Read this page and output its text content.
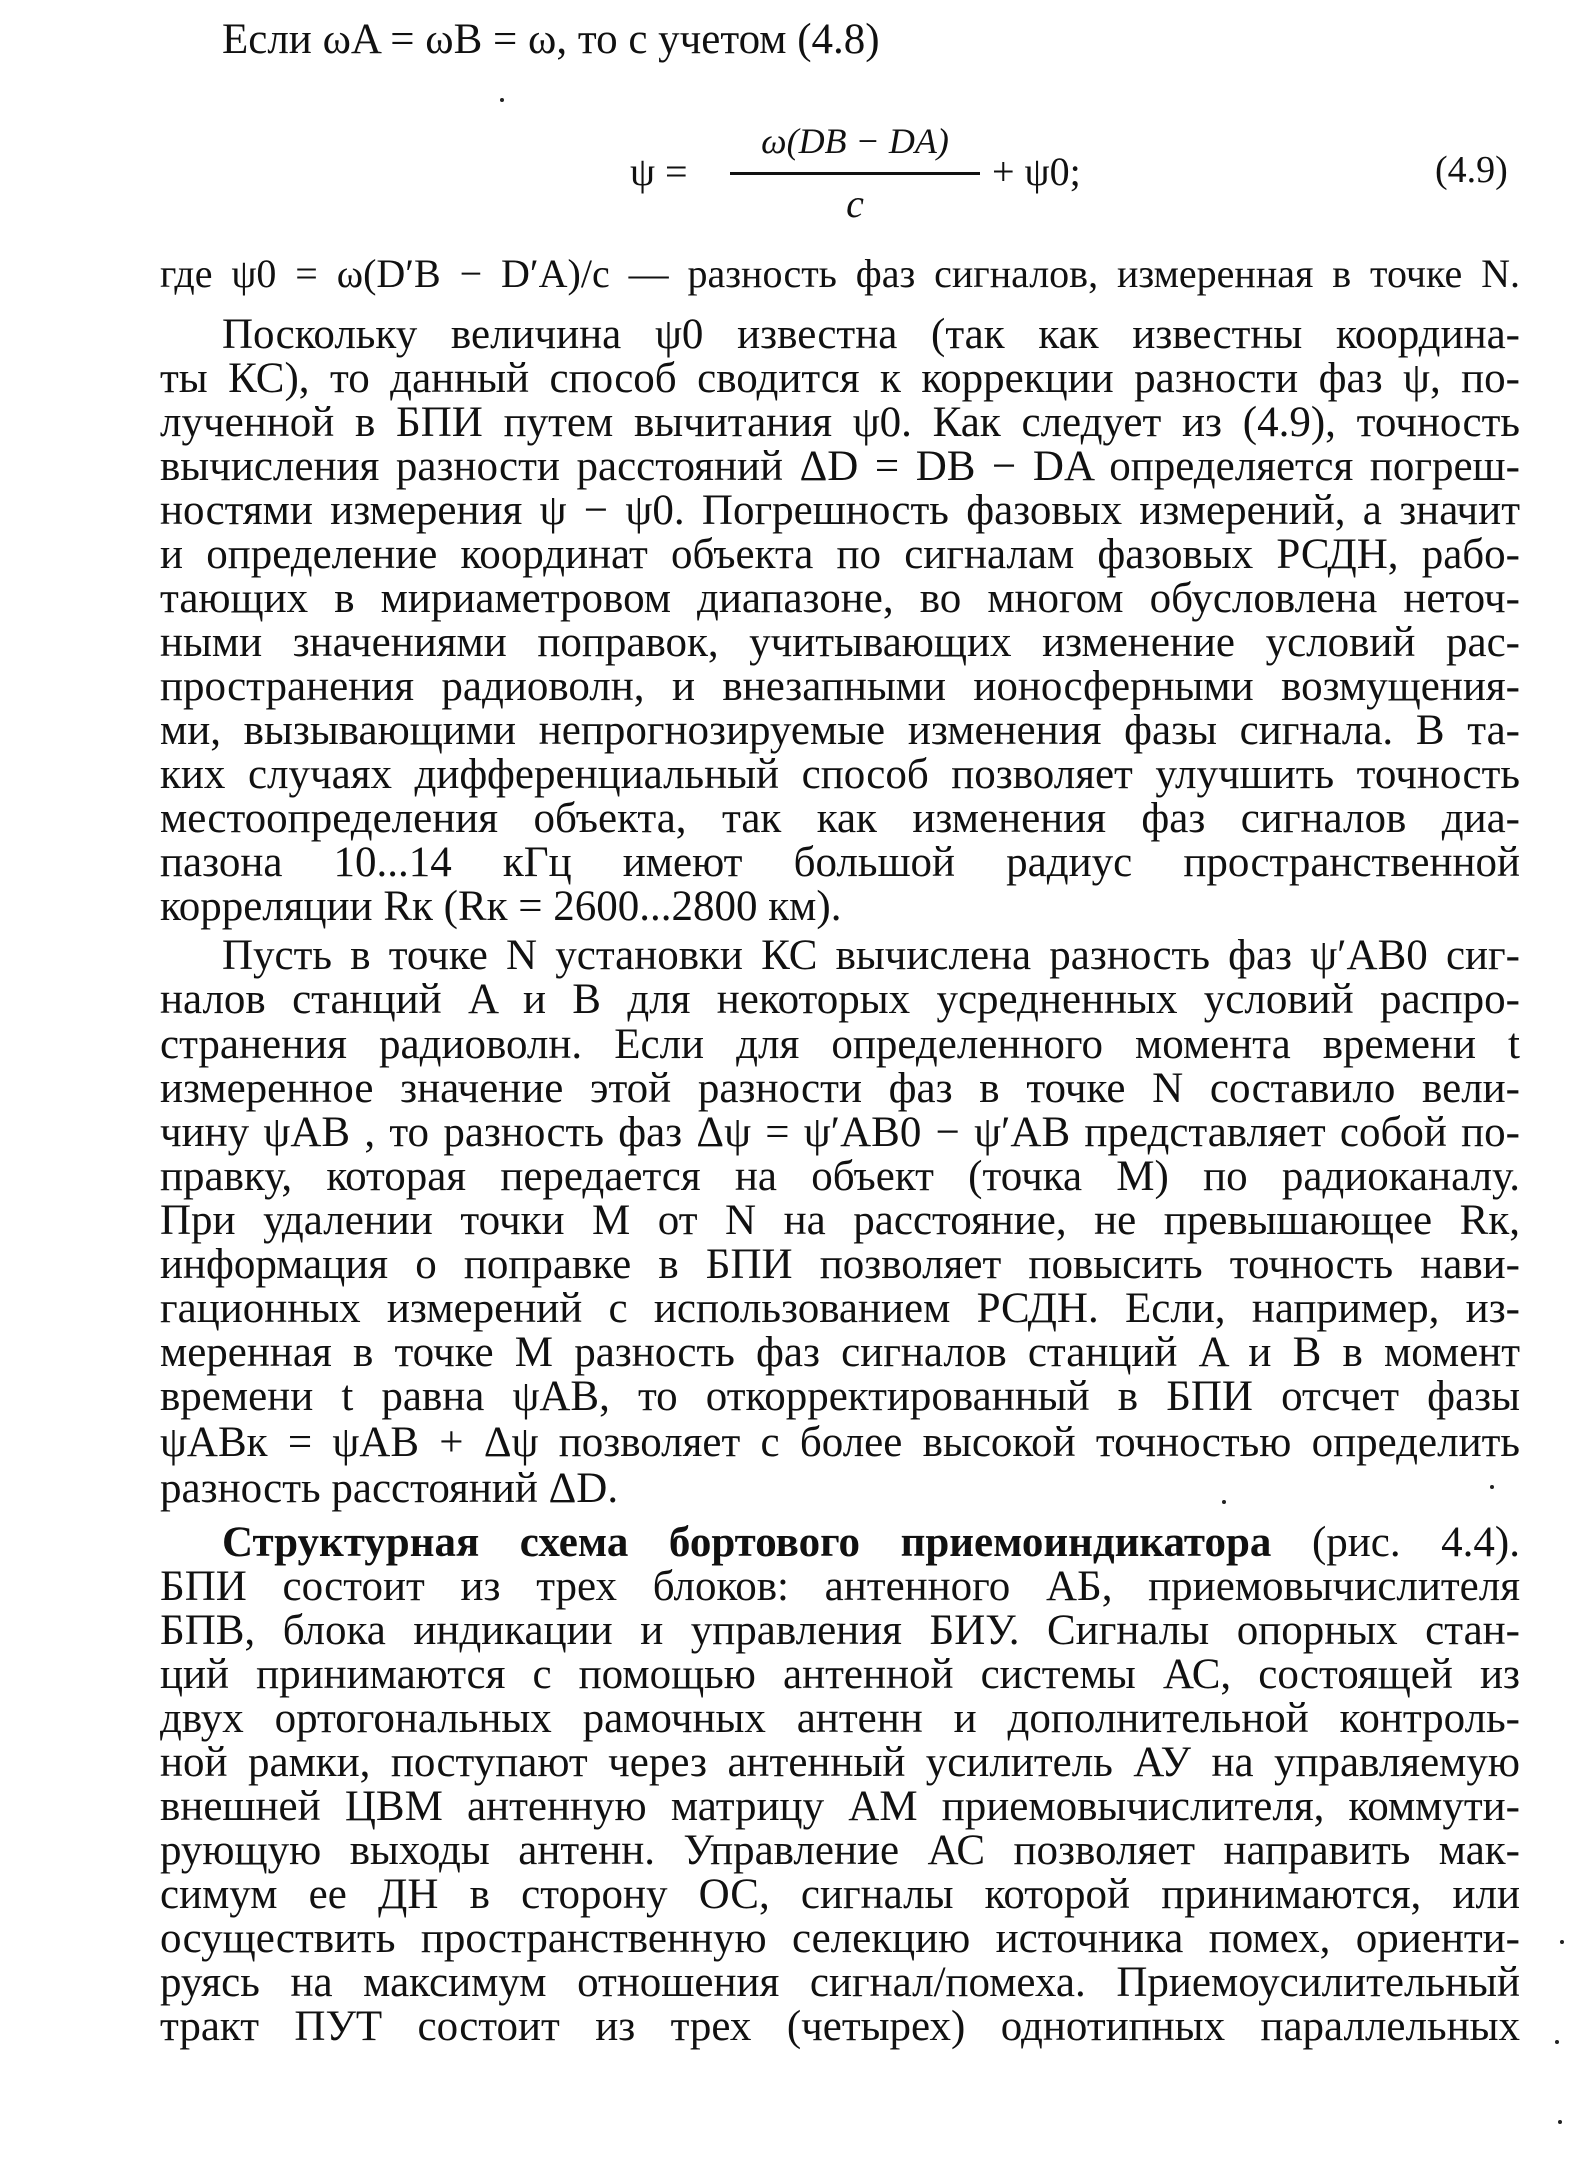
Если ωA = ωB = ω, то с учетом (4.8)
ψ =
ω(DB − DA)
c
+ ψ0;	(4.9)
где ψ0 = ω(D′B − D′A)/c — разность фаз сигналов, измеренная в точке N.
Поскольку величина ψ0 известна (так как известны координа-
ты КС), то данный способ сводится к коррекции разности фаз ψ, по-
лученной в БПИ путем вычитания ψ0. Как следует из (4.9), точность
вычисления разности расстояний ΔD = DB − DA определяется погреш-
ностями измерения ψ − ψ0. Погрешность фазовых измерений, а значит
и определение координат объекта по сигналам фазовых РСДН, рабо-
тающих в мириаметровом диапазоне, во многом обусловлена неточ-
ными значениями поправок, учитывающих изменение условий рас-
пространения радиоволн, и внезапными ионосферными возмущения-
ми, вызывающими непрогнозируемые изменения фазы сигнала. В та-
ких случаях дифференциальный способ позволяет улучшить точность
местоопределения объекта, так как изменения фаз сигналов диа-
пазона 10...14 кГц имеют большой радиус пространственной
корреляции Rк (Rк = 2600...2800 км).
Пусть в точке N установки КС вычислена разность фаз ψ′AB0 сиг-
налов станций A и B для некоторых усредненных условий распро-
странения радиоволн. Если для определенного момента времени t
измеренное значение этой разности фаз в точке N составило вели-
чину ψAB , то разность фаз Δψ = ψ′AB0 − ψ′AB представляет собой по-
правку, которая передается на объект (точка M) по радиоканалу.
При удалении точки M от N на расстояние, не превышающее Rк,
информация о поправке в БПИ позволяет повысить точность нави-
гационных измерений с использованием РСДН. Если, например, из-
меренная в точке M разность фаз сигналов станций A и B в момент
времени t равна ψAB, то откорректированный в БПИ отсчет фазы
ψABк = ψAB + Δψ позволяет с более высокой точностью определить
разность расстояний ΔD.
Структурная схема бортового приемоиндикатора (рис. 4.4).
БПИ состоит из трех блоков: антенного АБ, приемовычислителя
БПВ, блока индикации и управления БИУ. Сигналы опорных стан-
ций принимаются с помощью антенной системы АС, состоящей из
двух ортогональных рамочных антенн и дополнительной контроль-
ной рамки, поступают через антенный усилитель АУ на управляемую
внешней ЦВМ антенную матрицу АМ приемовычислителя, коммути-
рующую выходы антенн. Управление АС позволяет направить мак-
симум ее ДН в сторону ОС, сигналы которой принимаются, или
осуществить пространственную селекцию источника помех, ориенти-
руясь на максимум отношения сигнал/помеха. Приемоусилительный
тракт ПУТ состоит из трех (четырех) однотипных параллельных
